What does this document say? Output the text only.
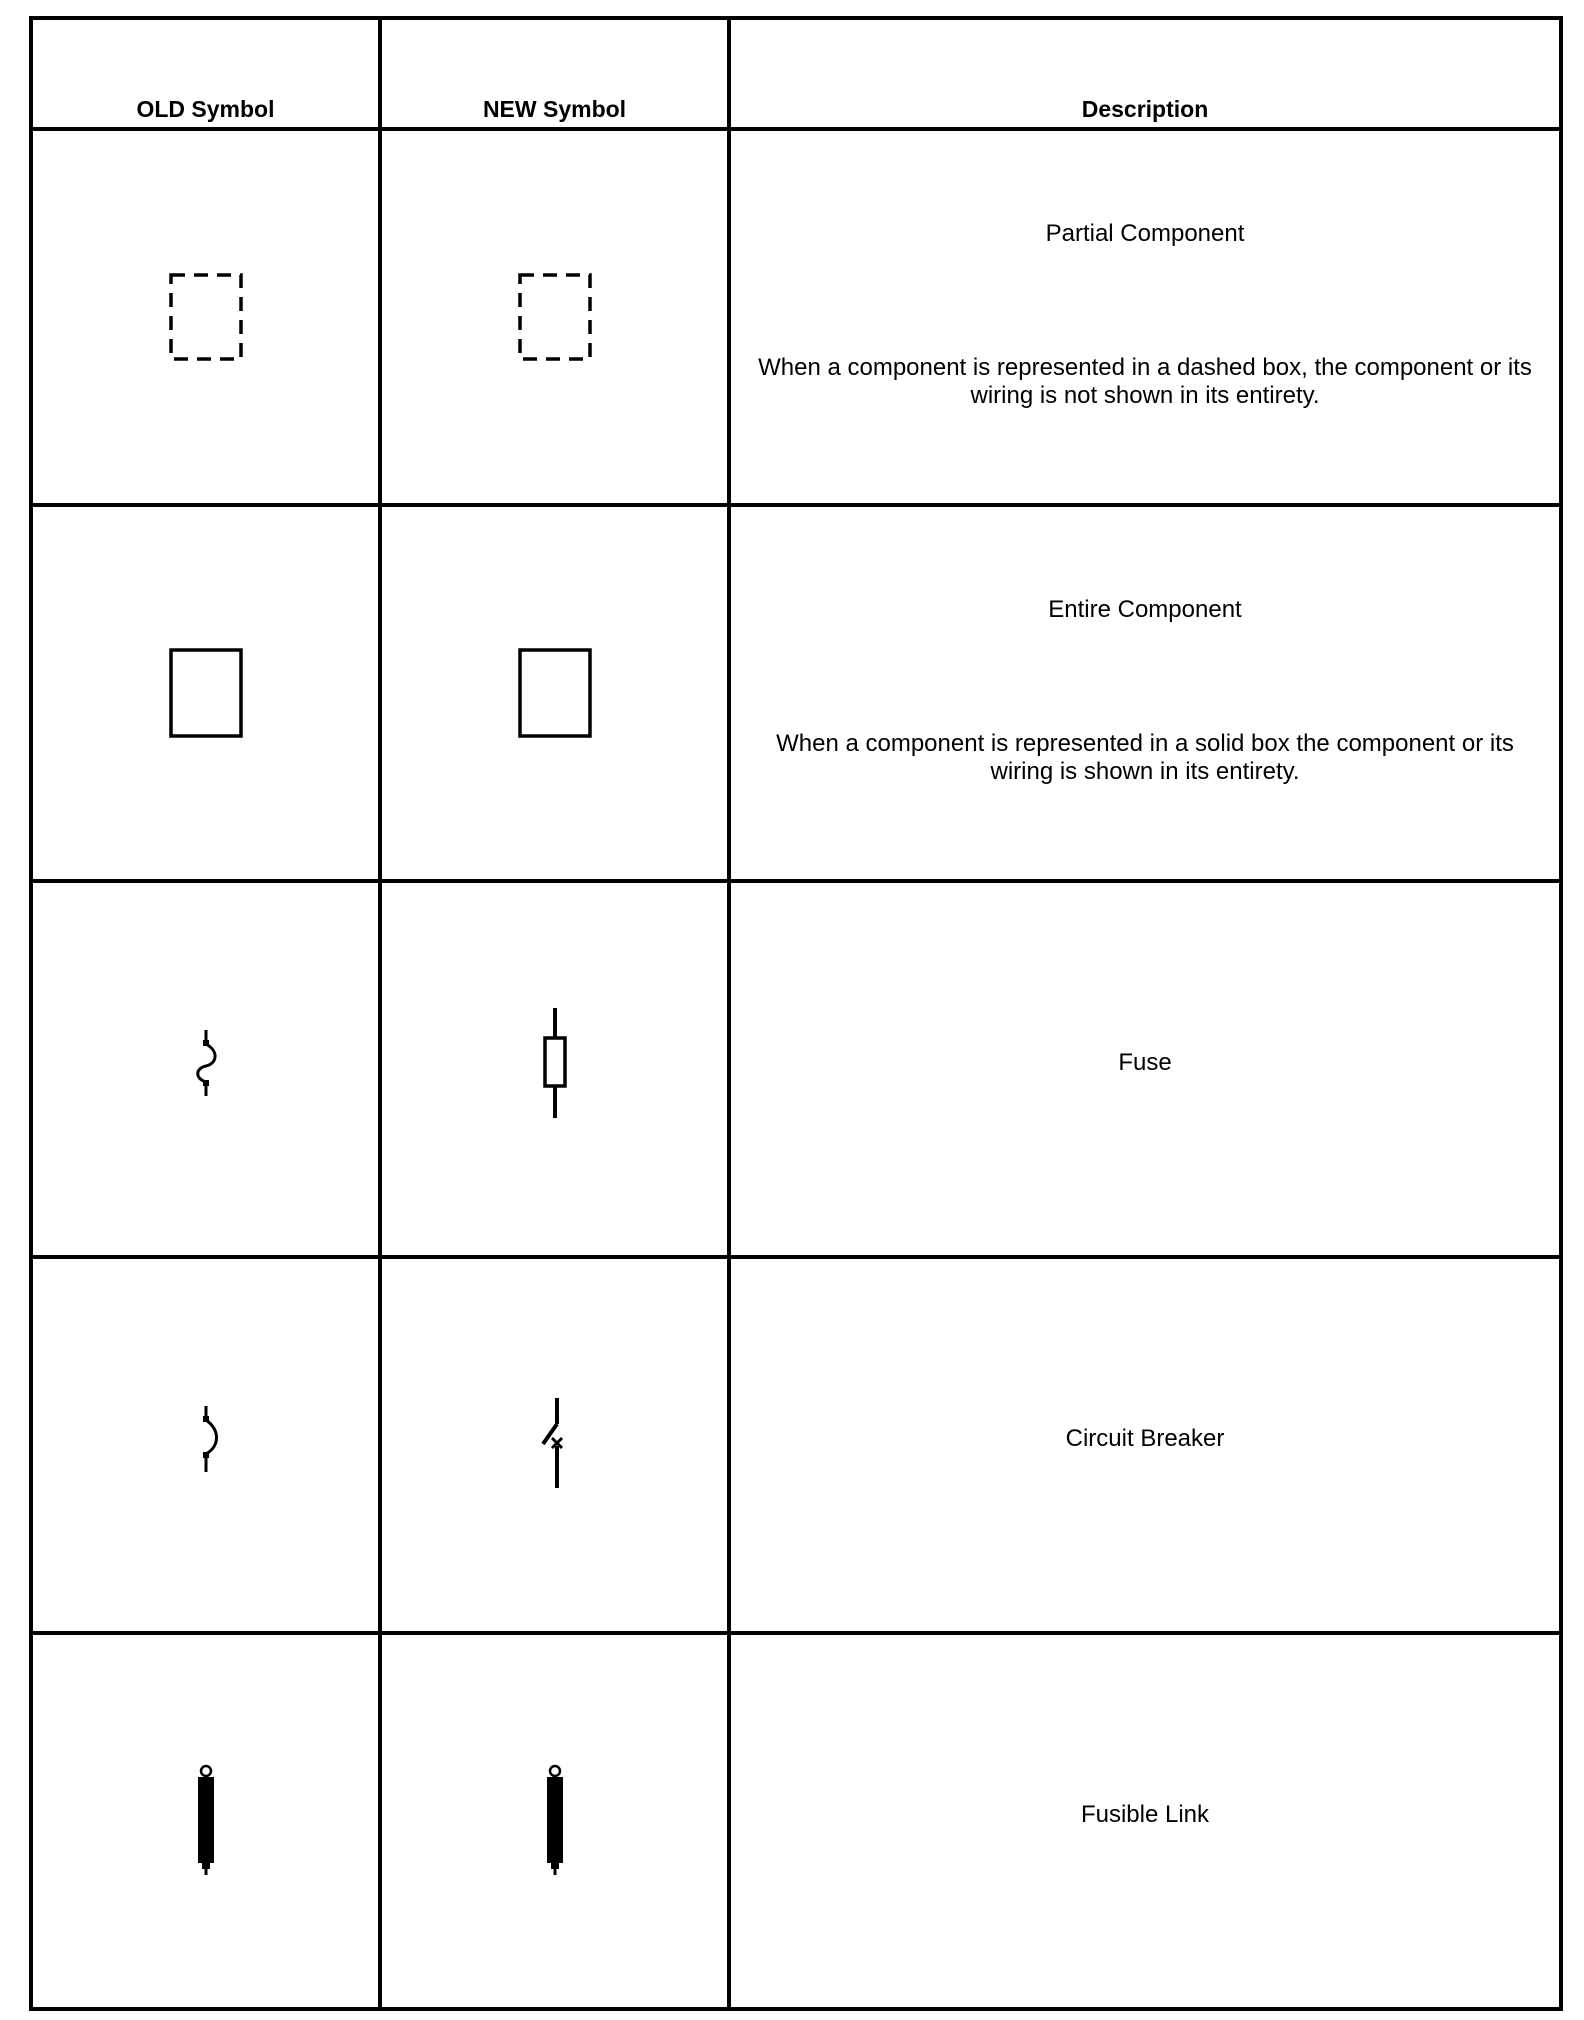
OLD Symbol	NEW Symbol	Description

Partial Component
When a component is represented in a dashed box, the component or its wiring is not shown in its entirety.

Entire Component
When a component is represented in a solid box the component or its wiring is shown in its entirety.

Fuse

Circuit Breaker

Fusible Link
